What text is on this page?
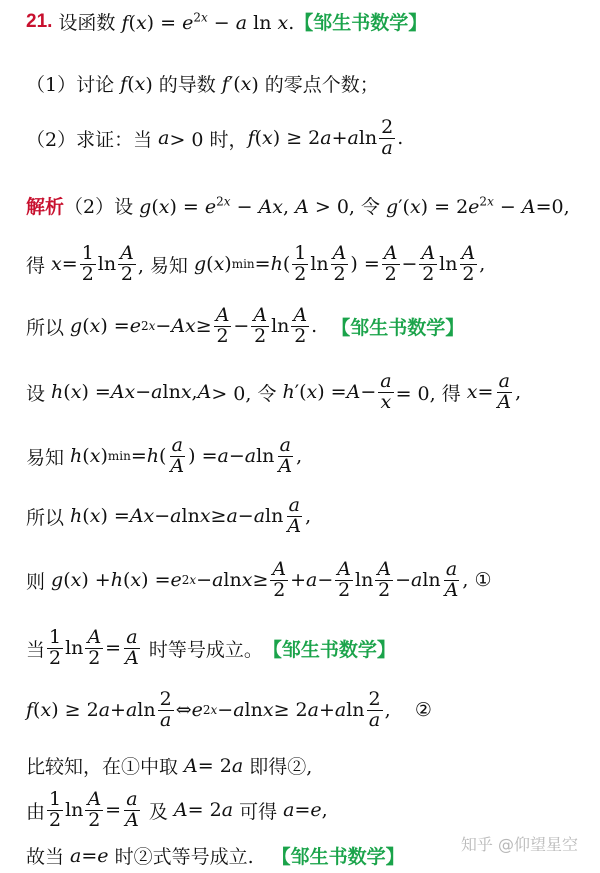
21. 设函数 $f(x) = e^{2x} - a$ ln x. 【邹生书数学】
（1）讨论 f ( x ) 的导数 f ′( x ) 的零点个数；
（2）求证：当 a > 0 时， f ( x ) ≥ 2 a + a $\ln \frac{2}{a}$ .
解析 （2）设 $g(x) = e^{2x} - Ax$, A > 0, 令 $g'(x) = 2e^{2x} - A=0$,
得 $x = \frac{1}{2}$ $\ln \frac{A}{2}$ , 易知 g ( x ) min = h ( $\frac{1}{2}$ $\ln \frac{A}{2}$ ) = $\frac{A}{2} - \frac{A}{2}$ $\ln \frac{A}{2}$ ,
所以 g ( x ) = e $2x - Ax \ge \frac{A}{2} - \frac{A}{2}$ $\ln \frac{A}{2}$ . 【邹生书数学】
设 h ( x ) = Ax − a ln x , A > 0, 令 h ′( x ) = $A - \frac{a}{x} = 0$, 得 $x = \frac{a}{A}$ ,
易知 h ( x ) min = h ( $\frac{a}{A}$ ) = a − a $\ln \frac{a}{A}$ ,
所以 h ( x ) = Ax − a ln x ≥ a − a $\ln \frac{a}{A}$ ,
则 g ( x ) + h ( x ) = e 2x − a $\ln x \ge \frac{A}{2} + a - \frac{A}{2}$ $\ln \frac{A}{2} - a$ $\ln \frac{a}{A}$ , ①
当 $\frac{1}{2}$ $\ln \frac{A}{2} = \frac{a}{A}$ 时等号成立。 【邹生书数学】
f ( x ) ≥ 2 a + a $\ln \frac{2}{a}$ ⇔ e 2x − a ln x ≥ 2 a + a $\ln \frac{2}{a}$ ,    ②
比较知，在①中取 A = 2 a 即得②,
由 $\frac{1}{2}$ $\ln \frac{A}{2} = \frac{a}{A}$ 及 A = 2 a 可得 a = e ,
故当 a = e 时②式等号成立. 【邹生书数学】
知乎 @仰望星空
